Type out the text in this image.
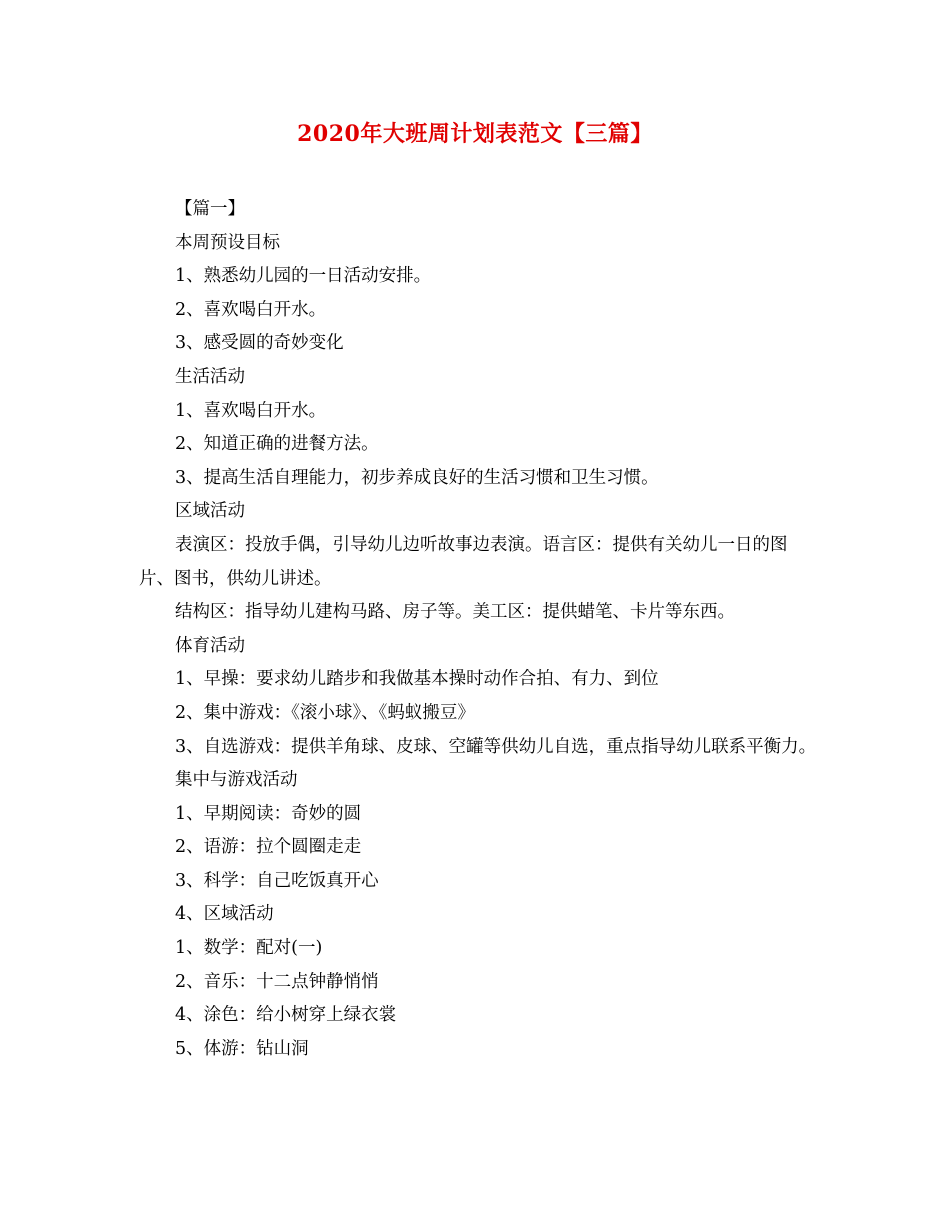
2020年大班周计划表范文【三篇】

【篇一】

本周预设目标

1、熟悉幼儿园的一日活动安排。

2、喜欢喝白开水。

3、感受圆的奇妙变化

生活活动

1、喜欢喝白开水。

2、知道正确的进餐方法。

3、提高生活自理能力，初步养成良好的生活习惯和卫生习惯。

区域活动

表演区：投放手偶，引导幼儿边听故事边表演。语言区：提供有关幼儿一日的图片、图书，供幼儿讲述。

结构区：指导幼儿建构马路、房子等。美工区：提供蜡笔、卡片等东西。

体育活动

1、早操：要求幼儿踏步和我做基本操时动作合拍、有力、到位

2、集中游戏：《滚小球》、《蚂蚁搬豆》

3、自选游戏：提供羊角球、皮球、空罐等供幼儿自选，重点指导幼儿联系平衡力。

集中与游戏活动

1、早期阅读：奇妙的圆

2、语游：拉个圆圈走走

3、科学：自己吃饭真开心

4、区域活动

1、数学：配对(一)

2、音乐：十二点钟静悄悄

4、涂色：给小树穿上绿衣裳

5、体游：钻山洞
